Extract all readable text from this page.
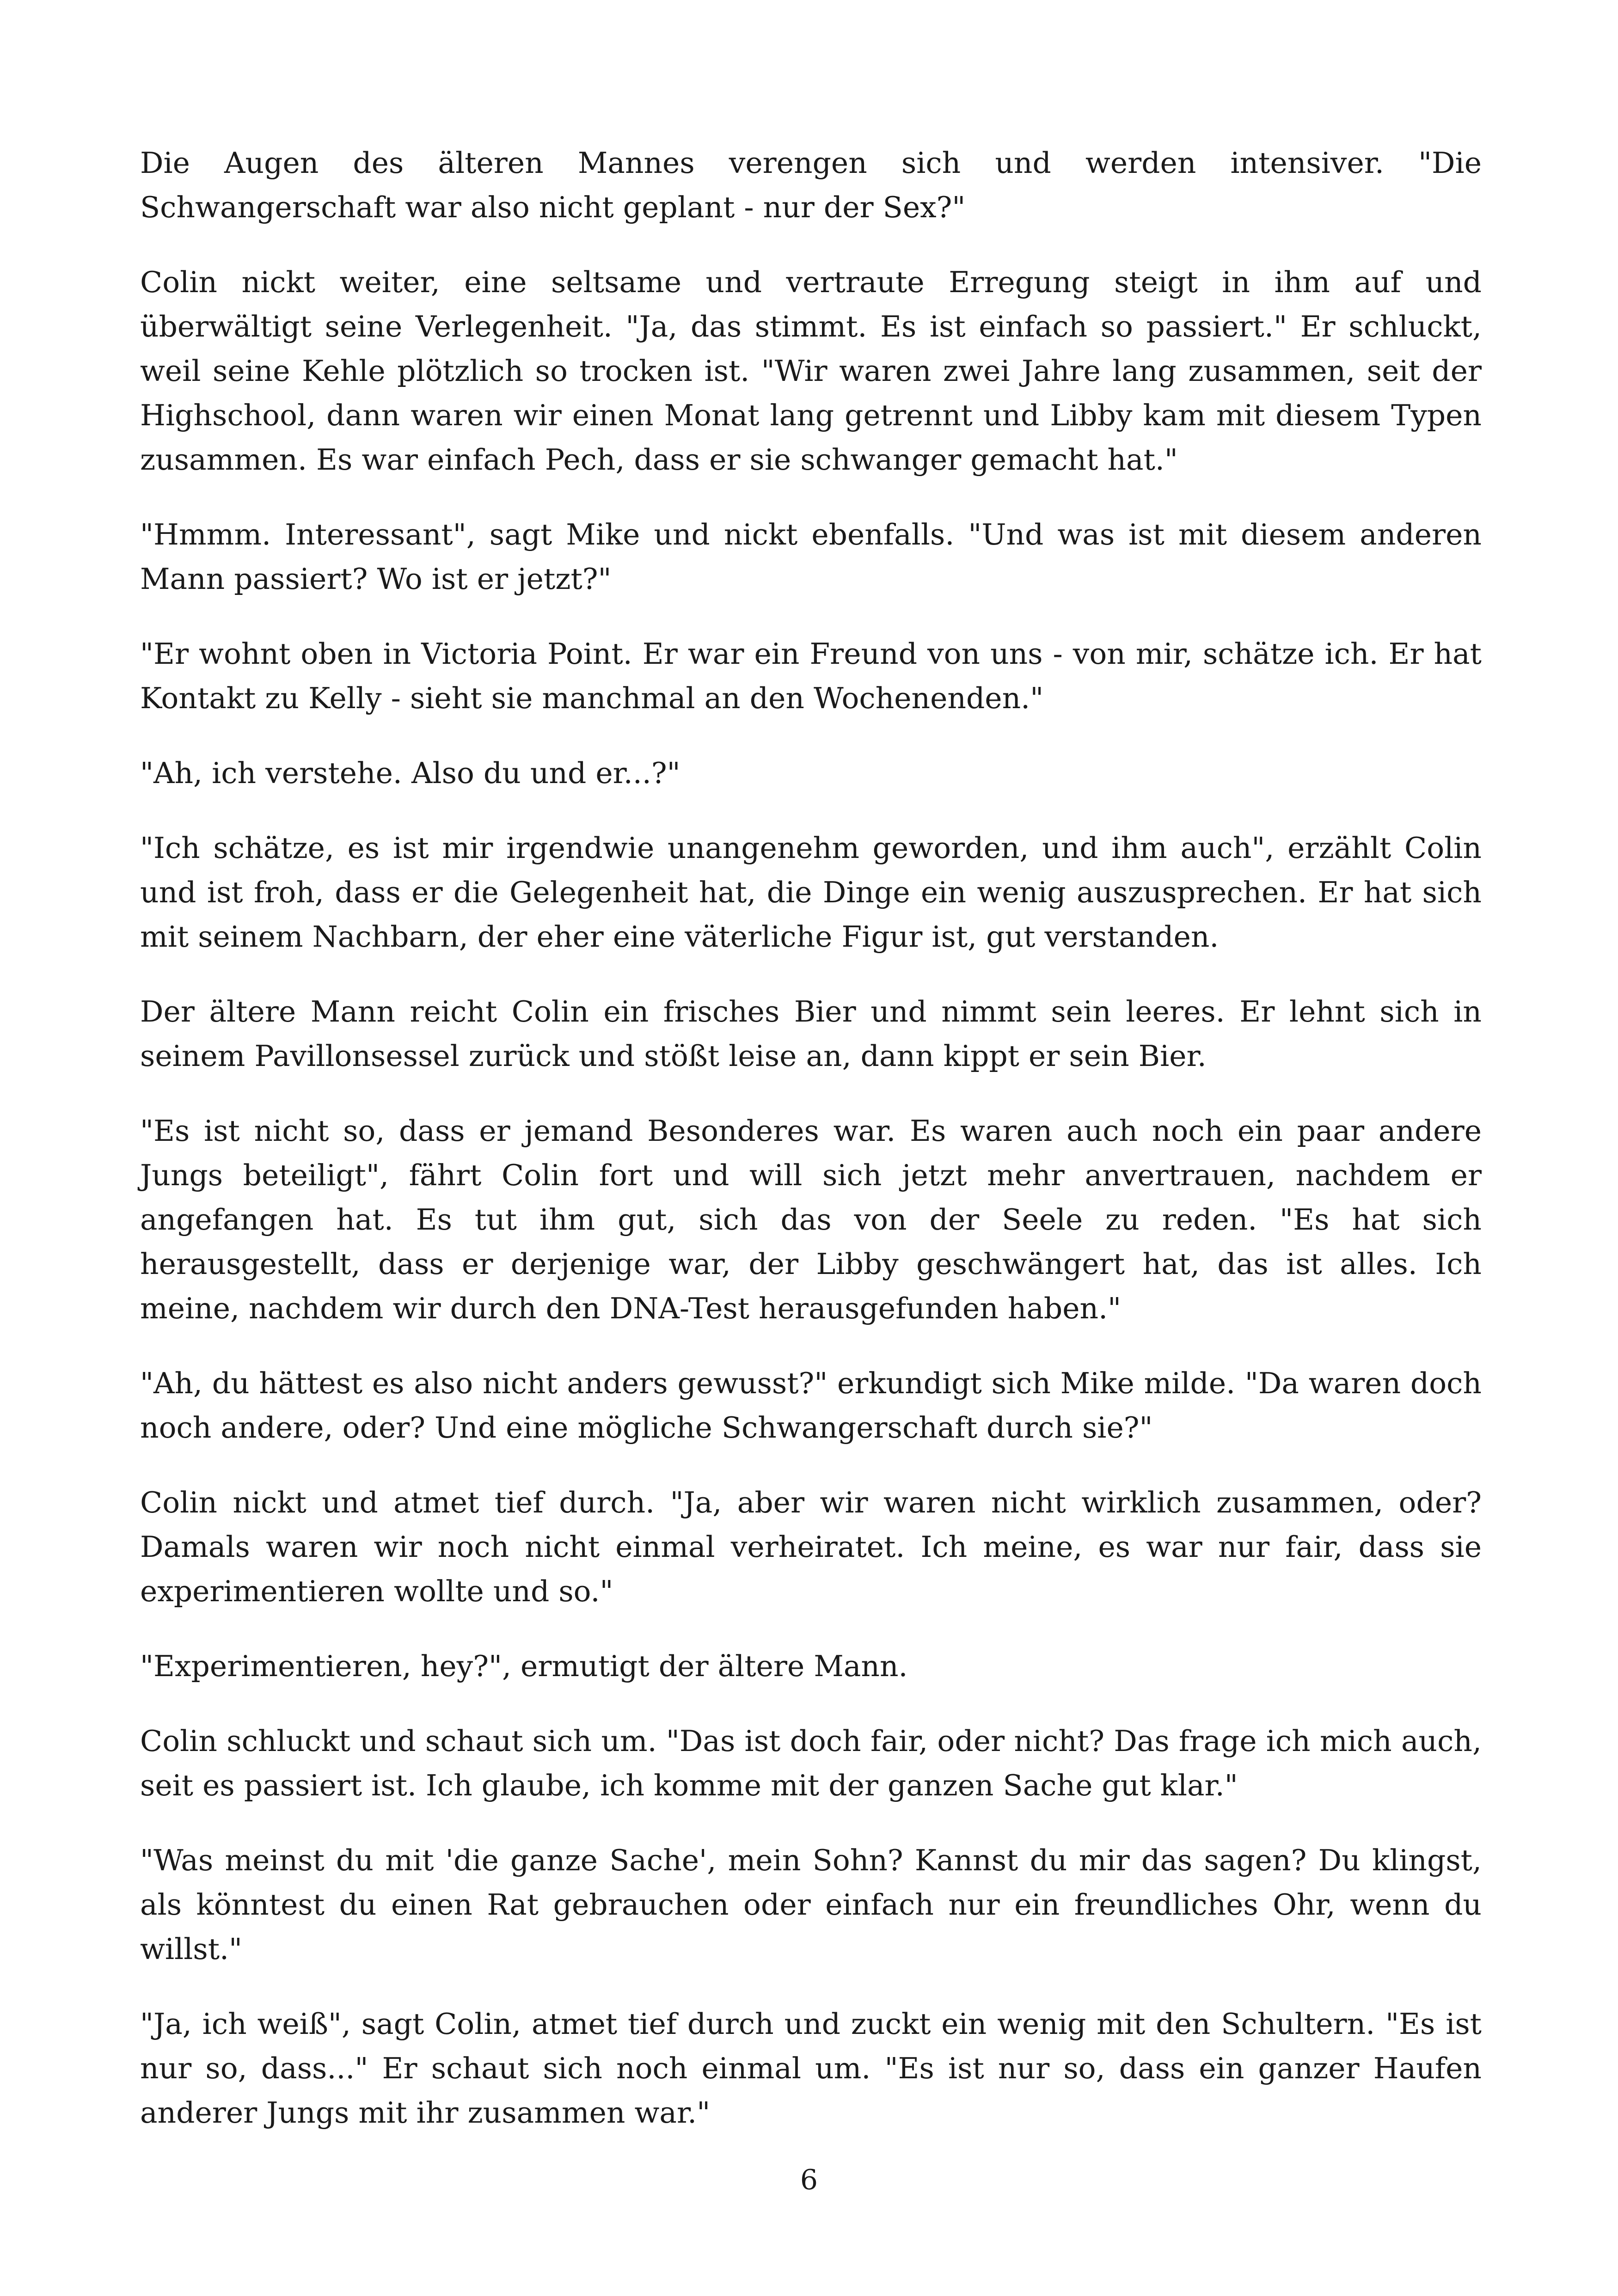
Die Augen des älteren Mannes verengen sich und werden intensiver. "Die Schwangerschaft war also nicht geplant - nur der Sex?"

Colin nickt weiter, eine seltsame und vertraute Erregung steigt in ihm auf und überwältigt seine Verlegenheit. "Ja, das stimmt. Es ist einfach so passiert." Er schluckt, weil seine Kehle plötzlich so trocken ist. "Wir waren zwei Jahre lang zusammen, seit der Highschool, dann waren wir einen Monat lang getrennt und Libby kam mit diesem Typen zusammen. Es war einfach Pech, dass er sie schwanger gemacht hat."

"Hmmm. Interessant", sagt Mike und nickt ebenfalls. "Und was ist mit diesem anderen Mann passiert? Wo ist er jetzt?"

"Er wohnt oben in Victoria Point. Er war ein Freund von uns - von mir, schätze ich. Er hat Kontakt zu Kelly - sieht sie manchmal an den Wochenenden."

"Ah, ich verstehe. Also du und er...?"

"Ich schätze, es ist mir irgendwie unangenehm geworden, und ihm auch", erzählt Colin und ist froh, dass er die Gelegenheit hat, die Dinge ein wenig auszusprechen. Er hat sich mit seinem Nachbarn, der eher eine väterliche Figur ist, gut verstanden.

Der ältere Mann reicht Colin ein frisches Bier und nimmt sein leeres. Er lehnt sich in seinem Pavillonsessel zurück und stößt leise an, dann kippt er sein Bier.

"Es ist nicht so, dass er jemand Besonderes war. Es waren auch noch ein paar andere Jungs beteiligt", fährt Colin fort und will sich jetzt mehr anvertrauen, nachdem er angefangen hat. Es tut ihm gut, sich das von der Seele zu reden. "Es hat sich herausgestellt, dass er derjenige war, der Libby geschwängert hat, das ist alles. Ich meine, nachdem wir durch den DNA-Test herausgefunden haben."

"Ah, du hättest es also nicht anders gewusst?" erkundigt sich Mike milde. "Da waren doch noch andere, oder? Und eine mögliche Schwangerschaft durch sie?"

Colin nickt und atmet tief durch. "Ja, aber wir waren nicht wirklich zusammen, oder? Damals waren wir noch nicht einmal verheiratet. Ich meine, es war nur fair, dass sie experimentieren wollte und so."

"Experimentieren, hey?", ermutigt der ältere Mann.

Colin schluckt und schaut sich um. "Das ist doch fair, oder nicht? Das frage ich mich auch, seit es passiert ist. Ich glaube, ich komme mit der ganzen Sache gut klar."

"Was meinst du mit 'die ganze Sache', mein Sohn? Kannst du mir das sagen? Du klingst, als könntest du einen Rat gebrauchen oder einfach nur ein freundliches Ohr, wenn du willst."

"Ja, ich weiß", sagt Colin, atmet tief durch und zuckt ein wenig mit den Schultern. "Es ist nur so, dass..." Er schaut sich noch einmal um. "Es ist nur so, dass ein ganzer Haufen anderer Jungs mit ihr zusammen war."

6
